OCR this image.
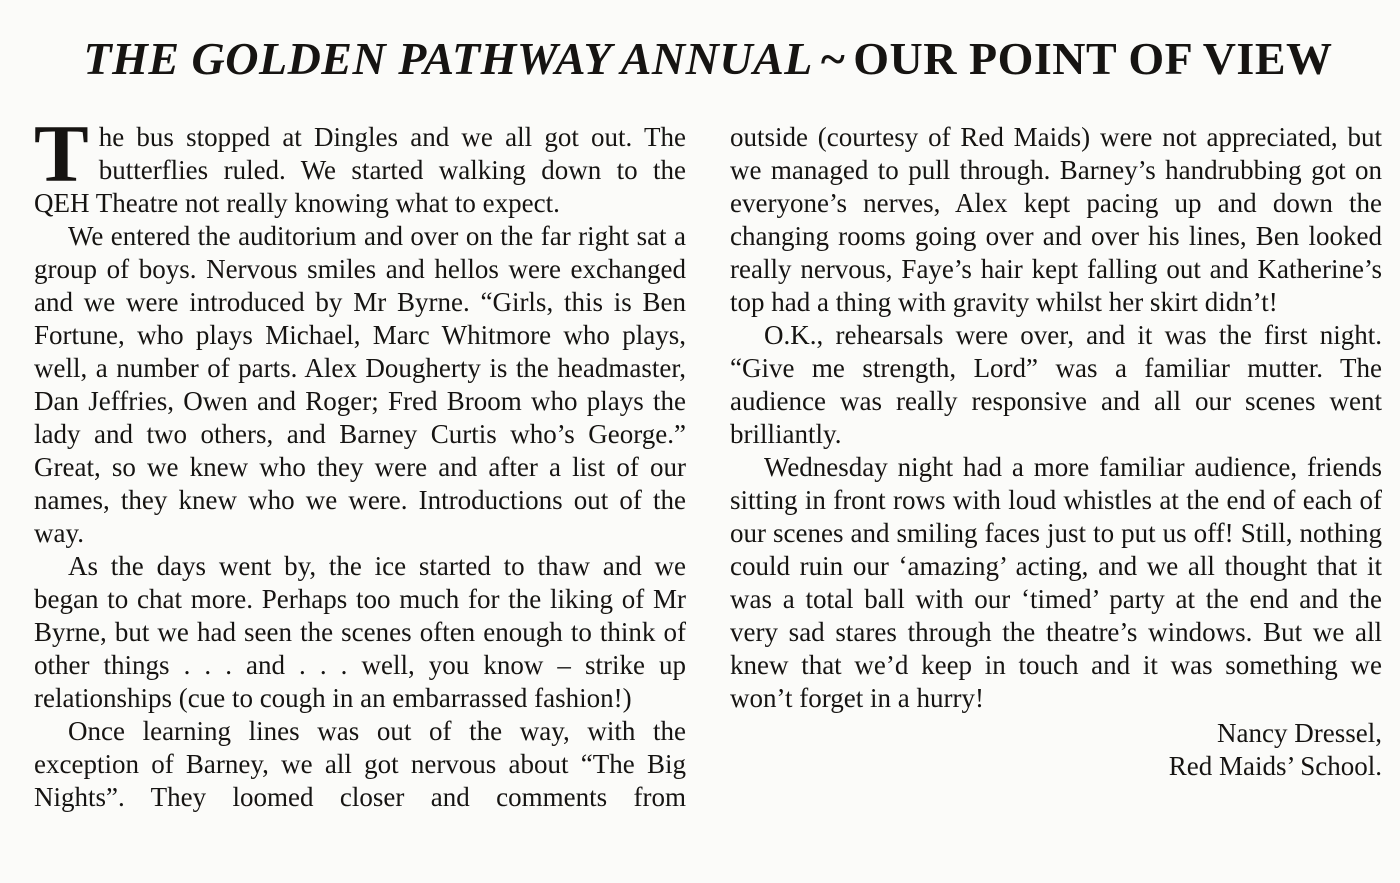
THE GOLDEN PATHWAY ANNUAL ~ OUR POINT OF VIEW

The bus stopped at Dingles and we all got out. The butterflies ruled. We started walking down to the QEH Theatre not really knowing what to expect.

We entered the auditorium and over on the far right sat a group of boys. Nervous smiles and hellos were exchanged and we were introduced by Mr Byrne. “Girls, this is Ben Fortune, who plays Michael, Marc Whitmore who plays, well, a number of parts. Alex Dougherty is the headmaster, Dan Jeffries, Owen and Roger; Fred Broom who plays the lady and two others, and Barney Curtis who’s George.” Great, so we knew who they were and after a list of our names, they knew who we were. Introductions out of the way.

As the days went by, the ice started to thaw and we began to chat more. Perhaps too much for the liking of Mr Byrne, but we had seen the scenes often enough to think of other things . . . and . . . well, you know – strike up relationships (cue to cough in an embarrassed fashion!)

Once learning lines was out of the way, with the exception of Barney, we all got nervous about “The Big Nights”. They loomed closer and comments from

outside (courtesy of Red Maids) were not appreciated, but we managed to pull through. Barney’s handrubbing got on everyone’s nerves, Alex kept pacing up and down the changing rooms going over and over his lines, Ben looked really nervous, Faye’s hair kept falling out and Katherine’s top had a thing with gravity whilst her skirt didn’t!

O.K., rehearsals were over, and it was the first night. “Give me strength, Lord” was a familiar mutter. The audience was really responsive and all our scenes went brilliantly.

Wednesday night had a more familiar audience, friends sitting in front rows with loud whistles at the end of each of our scenes and smiling faces just to put us off! Still, nothing could ruin our ‘amazing’ acting, and we all thought that it was a total ball with our ‘timed’ party at the end and the very sad stares through the theatre’s windows. But we all knew that we’d keep in touch and it was something we won’t forget in a hurry!

Nancy Dressel,
Red Maids’ School.
